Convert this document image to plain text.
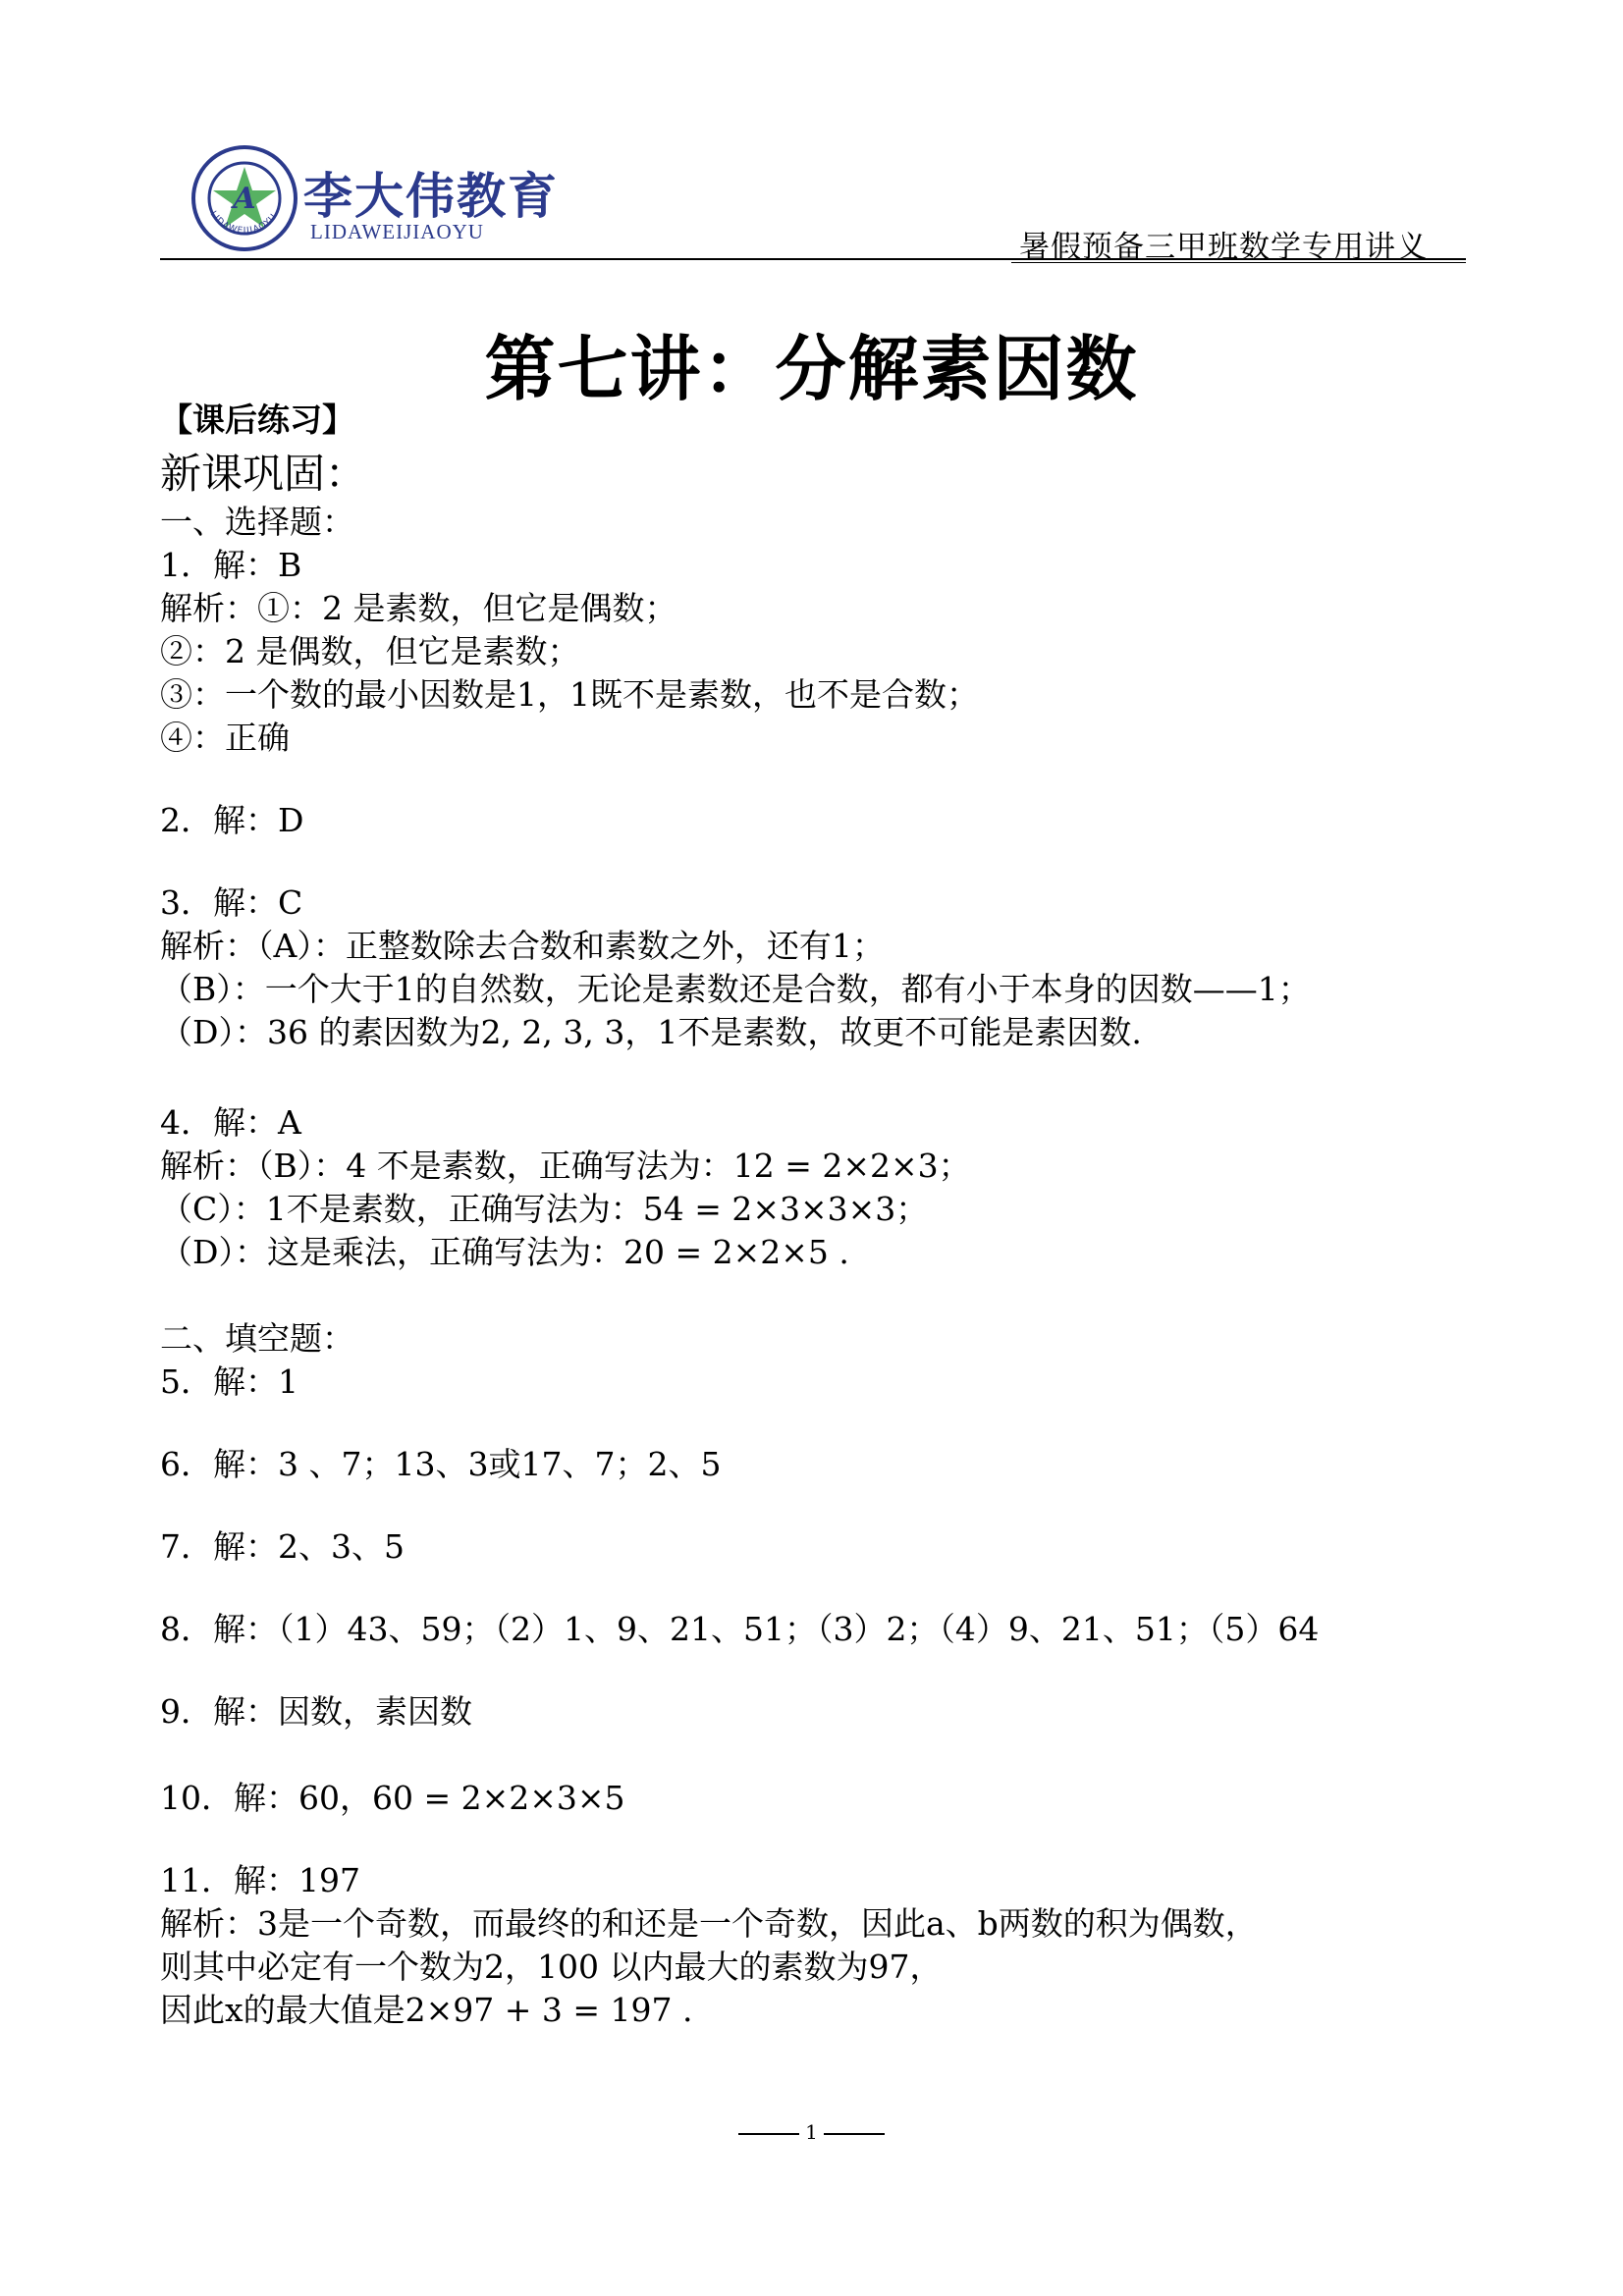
A
LIDAWEIJIAOYU 李大伟教育
LIDAWEIJIAOYU	暑假预备三甲班数学专用讲义
第七讲：分解素因数
【课后练习】
新课巩固：
一、选择题：
1．解：B
解析：①：2 是素数，但它是偶数；
②：2 是偶数，但它是素数；
③：一个数的最小因数是1，1既不是素数，也不是合数；
④：正确
2．解：D
3．解：C
解析：（A）：正整数除去合数和素数之外，还有1；
（B）：一个大于1的自然数，无论是素数还是合数，都有小于本身的因数——1；
（D）：36 的素因数为2, 2, 3, 3，1不是素数，故更不可能是素因数.
4．解：A
解析：（B）：4 不是素数，正确写法为：12 = 2×2×3；
（C）：1不是素数，正确写法为：54 = 2×3×3×3；
（D）：这是乘法，正确写法为：20 = 2×2×5 .
二、填空题：
5．解：1
6．解：3 、7；13、3或17、7；2、5
7．解：2、3、5
8．解：（1）43、59；（2）1、9、21、51；（3）2；（4）9、21、51；（5）64
9．解：因数，素因数
10．解：60，60 = 2×2×3×5
11．解：197
解析：3是一个奇数，而最终的和还是一个奇数，因此a、b两数的积为偶数，
则其中必定有一个数为2，100 以内最大的素数为97，
因此x的最大值是2×97 + 3 = 197 .
1
